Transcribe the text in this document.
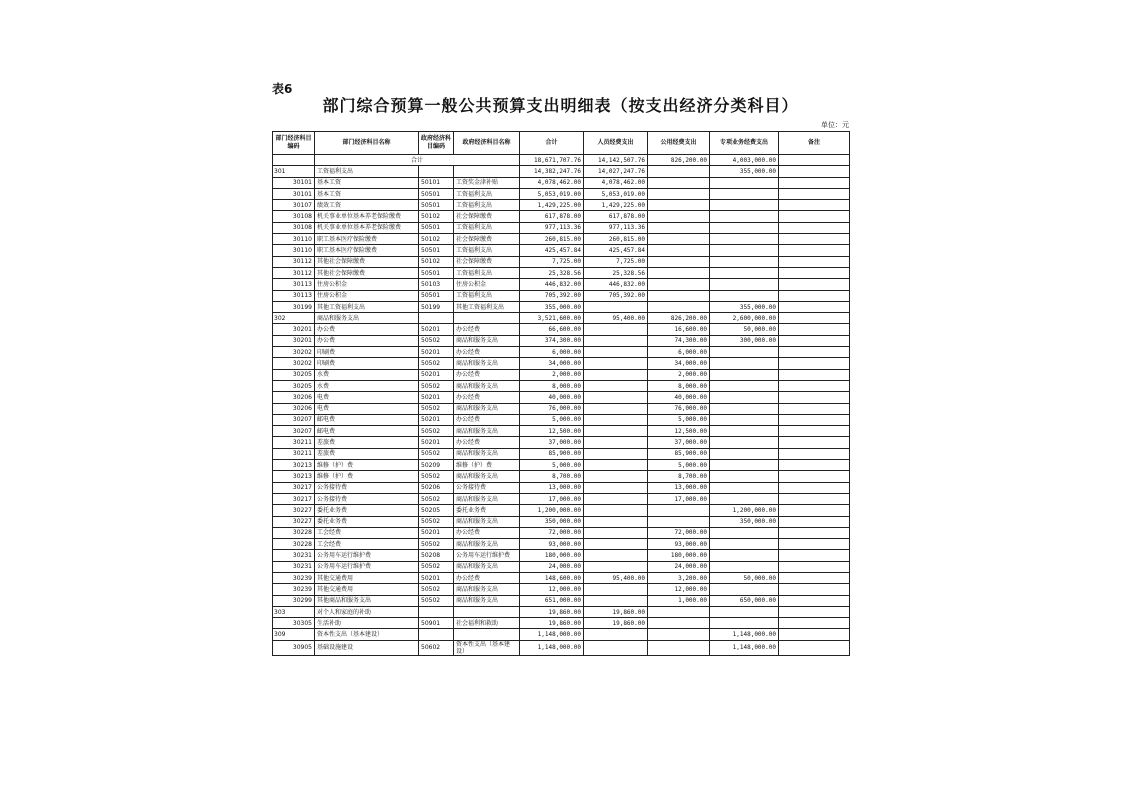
表6
部门综合预算一般公共预算支出明细表（按支出经济分类科目）
单位：元
部门经济科目编码	部门经济科目名称	政府经济科目编码	政府经济科目名称	合计	人员经费支出	公用经费支出	专项业务经费支出	备注
	合计			18,671,707.76	14,142,507.76	826,200.00	4,003,000.00	
301	工资福利支出			14,382,247.76	14,027,247.76		355,000.00	
30101	基本工资	50101	工资奖金津补贴	4,078,462.00	4,078,462.00			
30101	基本工资	50501	工资福利支出	5,053,019.00	5,053,019.00			
30107	绩效工资	50501	工资福利支出	1,429,225.00	1,429,225.00			
30108	机关事业单位基本养老保险缴费	50102	社会保障缴费	617,878.00	617,878.00			
30108	机关事业单位基本养老保险缴费	50501	工资福利支出	977,113.36	977,113.36			
30110	职工基本医疗保险缴费	50102	社会保障缴费	260,815.00	260,815.00			
30110	职工基本医疗保险缴费	50501	工资福利支出	425,457.84	425,457.84			
30112	其他社会保障缴费	50102	社会保障缴费	7,725.00	7,725.00			
30112	其他社会保障缴费	50501	工资福利支出	25,328.56	25,328.56			
30113	住房公积金	50103	住房公积金	446,832.00	446,832.00			
30113	住房公积金	50501	工资福利支出	705,392.00	705,392.00			
30199	其他工资福利支出	50199	其他工资福利支出	355,000.00			355,000.00	
302	商品和服务支出			3,521,600.00	95,400.00	826,200.00	2,600,000.00	
30201	办公费	50201	办公经费	66,600.00		16,600.00	50,000.00	
30201	办公费	50502	商品和服务支出	374,300.00		74,300.00	300,000.00	
30202	印刷费	50201	办公经费	6,000.00		6,000.00		
30202	印刷费	50502	商品和服务支出	34,000.00		34,000.00		
30205	水费	50201	办公经费	2,000.00		2,000.00		
30205	水费	50502	商品和服务支出	8,000.00		8,000.00		
30206	电费	50201	办公经费	40,000.00		40,000.00		
30206	电费	50502	商品和服务支出	76,000.00		76,000.00		
30207	邮电费	50201	办公经费	5,000.00		5,000.00		
30207	邮电费	50502	商品和服务支出	12,500.00		12,500.00		
30211	差旅费	50201	办公经费	37,000.00		37,000.00		
30211	差旅费	50502	商品和服务支出	85,900.00		85,900.00		
30213	维修（护）费	50209	维修（护）费	5,000.00		5,000.00		
30213	维修（护）费	50502	商品和服务支出	8,700.00		8,700.00		
30217	公务接待费	50206	公务接待费	13,000.00		13,000.00		
30217	公务接待费	50502	商品和服务支出	17,000.00		17,000.00		
30227	委托业务费	50205	委托业务费	1,200,000.00			1,200,000.00	
30227	委托业务费	50502	商品和服务支出	350,000.00			350,000.00	
30228	工会经费	50201	办公经费	72,000.00		72,000.00		
30228	工会经费	50502	商品和服务支出	93,000.00		93,000.00		
30231	公务用车运行维护费	50208	公务用车运行维护费	180,000.00		180,000.00		
30231	公务用车运行维护费	50502	商品和服务支出	24,000.00		24,000.00		
30239	其他交通费用	50201	办公经费	148,600.00	95,400.00	3,200.00	50,000.00	
30239	其他交通费用	50502	商品和服务支出	12,000.00		12,000.00		
30299	其他商品和服务支出	50502	商品和服务支出	651,000.00		1,000.00	650,000.00	
303	对个人和家庭的补助			19,860.00	19,860.00			
30305	生活补助	50901	社会福利和救助	19,860.00	19,860.00			
309	资本性支出（基本建设）			1,148,000.00			1,148,000.00	
30905	基础设施建设	50602	资本性支出（基本建设）	1,148,000.00			1,148,000.00	
